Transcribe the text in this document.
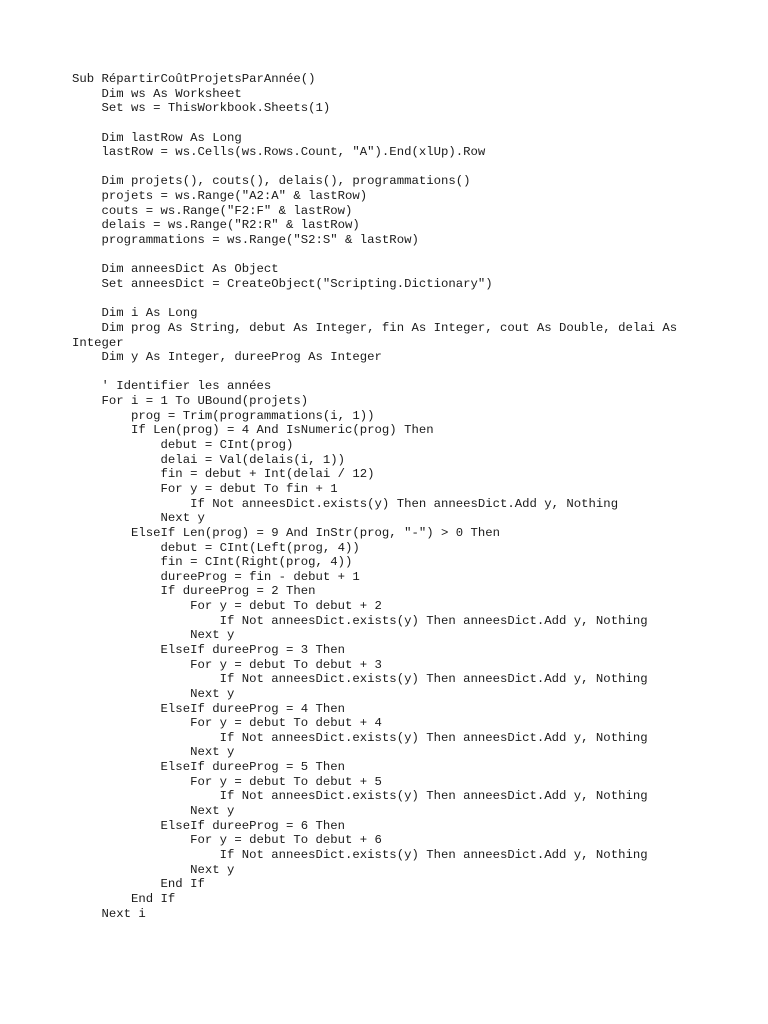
Sub RépartirCoûtProjetsParAnnée()
Dim ws As Worksheet
Set ws = ThisWorkbook.Sheets(1)
Dim lastRow As Long
lastRow = ws.Cells(ws.Rows.Count, "A").End(xlUp).Row
Dim projets(), couts(), delais(), programmations()
projets = ws.Range("A2:A" & lastRow)
couts = ws.Range("F2:F" & lastRow)
delais = ws.Range("R2:R" & lastRow)
programmations = ws.Range("S2:S" & lastRow)
Dim anneesDict As Object
Set anneesDict = CreateObject("Scripting.Dictionary")
Dim i As Long
Dim prog As String, debut As Integer, fin As Integer, cout As Double, delai As
Integer
Dim y As Integer, dureeProg As Integer
' Identifier les années
For i = 1 To UBound(projets)
prog = Trim(programmations(i, 1))
If Len(prog) = 4 And IsNumeric(prog) Then
debut = CInt(prog)
delai = Val(delais(i, 1))
fin = debut + Int(delai / 12)
For y = debut To fin + 1
If Not anneesDict.exists(y) Then anneesDict.Add y, Nothing
Next y
ElseIf Len(prog) = 9 And InStr(prog, "-") > 0 Then
debut = CInt(Left(prog, 4))
fin = CInt(Right(prog, 4))
dureeProg = fin - debut + 1
If dureeProg = 2 Then
For y = debut To debut + 2
If Not anneesDict.exists(y) Then anneesDict.Add y, Nothing
Next y
ElseIf dureeProg = 3 Then
For y = debut To debut + 3
If Not anneesDict.exists(y) Then anneesDict.Add y, Nothing
Next y
ElseIf dureeProg = 4 Then
For y = debut To debut + 4
If Not anneesDict.exists(y) Then anneesDict.Add y, Nothing
Next y
ElseIf dureeProg = 5 Then
For y = debut To debut + 5
If Not anneesDict.exists(y) Then anneesDict.Add y, Nothing
Next y
ElseIf dureeProg = 6 Then
For y = debut To debut + 6
If Not anneesDict.exists(y) Then anneesDict.Add y, Nothing
Next y
End If
End If
Next i
